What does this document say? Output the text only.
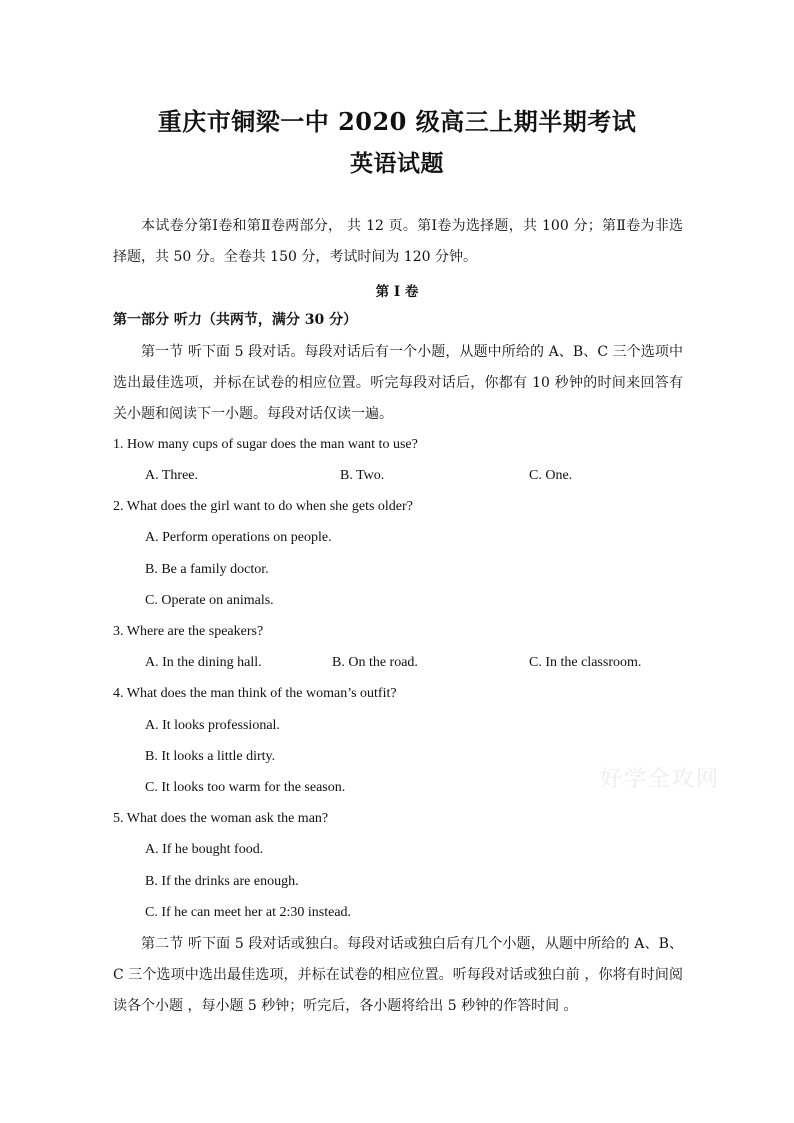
重庆市铜梁一中 2020 级高三上期半期考试
英语试题
本试卷分第Ⅰ卷和第Ⅱ卷两部分， 共 12 页。第Ⅰ卷为选择题，共 100 分；第Ⅱ卷为非选择题，共 50 分。全卷共 150 分，考试时间为 120 分钟。
第 I 卷
第一部分 听力（共两节，满分 30 分）
第一节 听下面 5 段对话。每段对话后有一个小题，从题中所给的 A、B、C 三个选项中选出最佳选项，并标在试卷的相应位置。听完每段对话后，你都有 10 秒钟的时间来回答有关小题和阅读下一小题。每段对话仅读一遍。
1. How many cups of sugar does the man want to use?
A. Three.	B. Two.	C. One.
2. What does the girl want to do when she gets older?
A. Perform operations on people.
B. Be a family doctor.
C. Operate on animals.
3. Where are the speakers?
A. In the dining hall.	B. On the road.	C. In the classroom.
4. What does the man think of the woman’s outfit?
A. It looks professional.
B. It looks a little dirty.
C. It looks too warm for the season.
5. What does the woman ask the man?
A. If he bought food.
B. If the drinks are enough.
C. If he can meet her at 2:30 instead.
第二节 听下面 5 段对话或独白。每段对话或独白后有几个小题，从题中所给的 A、B、C 三个选项中选出最佳选项，并标在试卷的相应位置。听每段对话或独白前 ，你将有时间阅读各个小题 ，每小题 5 秒钟；听完后，各小题将给出 5 秒钟的作答时间 。
好学全攻网
